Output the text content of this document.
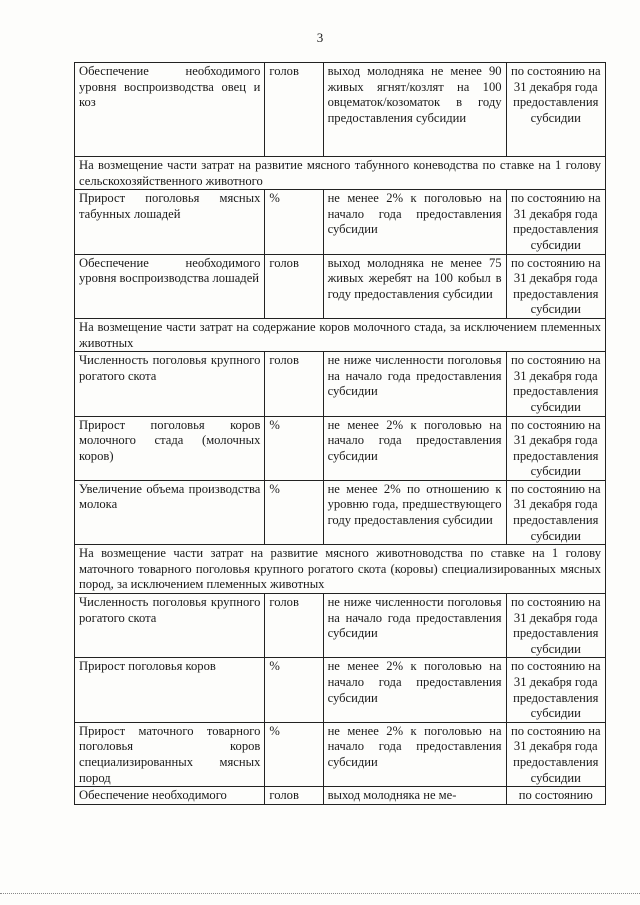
3
Обеспечение необходимого уровня воспроизводства овец и коз	голов	выход молодняка не менее 90 живых ягнят/козлят на 100 овцематок/козоматок в году предоставления субсидии	по состоянию на 31 декабря года предоставления субсидии
На возмещение части затрат на развитие мясного табунного коневодства по ставке на 1 голову сельскохозяйственного животного			
Прирост поголовья мясных табунных лошадей	%	не менее 2% к поголовью на начало года предоставления субсидии	по состоянию на 31 декабря года предоставления субсидии
Обеспечение необходимого уровня воспроизводства лошадей	голов	выход молодняка не менее 75 живых жеребят на 100 кобыл в году предоставления субсидии	по состоянию на 31 декабря года предоставления субсидии
На возмещение части затрат на содержание коров молочного стада, за исключением племенных животных			
Численность поголовья крупного рогатого скота	голов	не ниже численности поголовья на начало года предоставления субсидии	по состоянию на 31 декабря года предоставления субсидии
Прирост поголовья коров молочного стада (молочных коров)	%	не менее 2% к поголовью на начало года предоставления субсидии	по состоянию на 31 декабря года предоставления субсидии
Увеличение объема производства молока	%	не менее 2% по отношению к уровню года, предшествующего году предоставления субсидии	по состоянию на 31 декабря года предоставления субсидии
На возмещение части затрат на развитие мясного животноводства по ставке на 1 голову маточного товарного поголовья крупного рогатого скота (коровы) специализированных мясных пород, за исключением племенных животных			
Численность поголовья крупного рогатого скота	голов	не ниже численности поголовья на начало года предоставления субсидии	по состоянию на 31 декабря года предоставления субсидии
Прирост поголовья коров	%	не менее 2% к поголовью на начало года предоставления субсидии	по состоянию на 31 декабря года предоставления субсидии
Прирост маточного товарного поголовья коров специализированных мясных пород	%	не менее 2% к поголовью на начало года предоставления субсидии	по состоянию на 31 декабря года предоставления субсидии
Обеспечение необходимого	голов	выход молодняка не ме-	по состоянию
